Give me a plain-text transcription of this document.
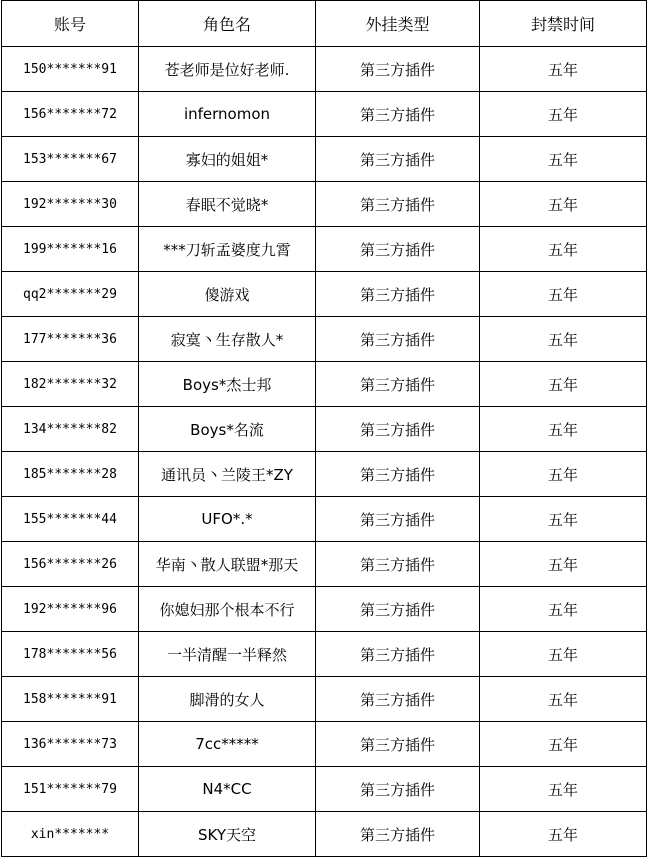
账号	角色名	外挂类型	封禁时间
150*******91	苍老师是位好老师.	第三方插件	五年
156*******72	infernomon	第三方插件	五年
153*******67	寡妇的姐姐*	第三方插件	五年
192*******30	春眠不觉晓*	第三方插件	五年
199*******16	***刀斩孟婆度九霄	第三方插件	五年
qq2*******29	傻游戏	第三方插件	五年
177*******36	寂寞丶生存散人*	第三方插件	五年
182*******32	Boys*杰士邦	第三方插件	五年
134*******82	Boys*名流	第三方插件	五年
185*******28	通讯员丶兰陵王*ZY	第三方插件	五年
155*******44	UFO*.*	第三方插件	五年
156*******26	华南丶散人联盟*那天	第三方插件	五年
192*******96	你媳妇那个根本不行	第三方插件	五年
178*******56	一半清醒一半释然	第三方插件	五年
158*******91	脚滑的女人	第三方插件	五年
136*******73	7cc*****	第三方插件	五年
151*******79	N4*CC	第三方插件	五年
xin*******	SKY天空	第三方插件	五年
